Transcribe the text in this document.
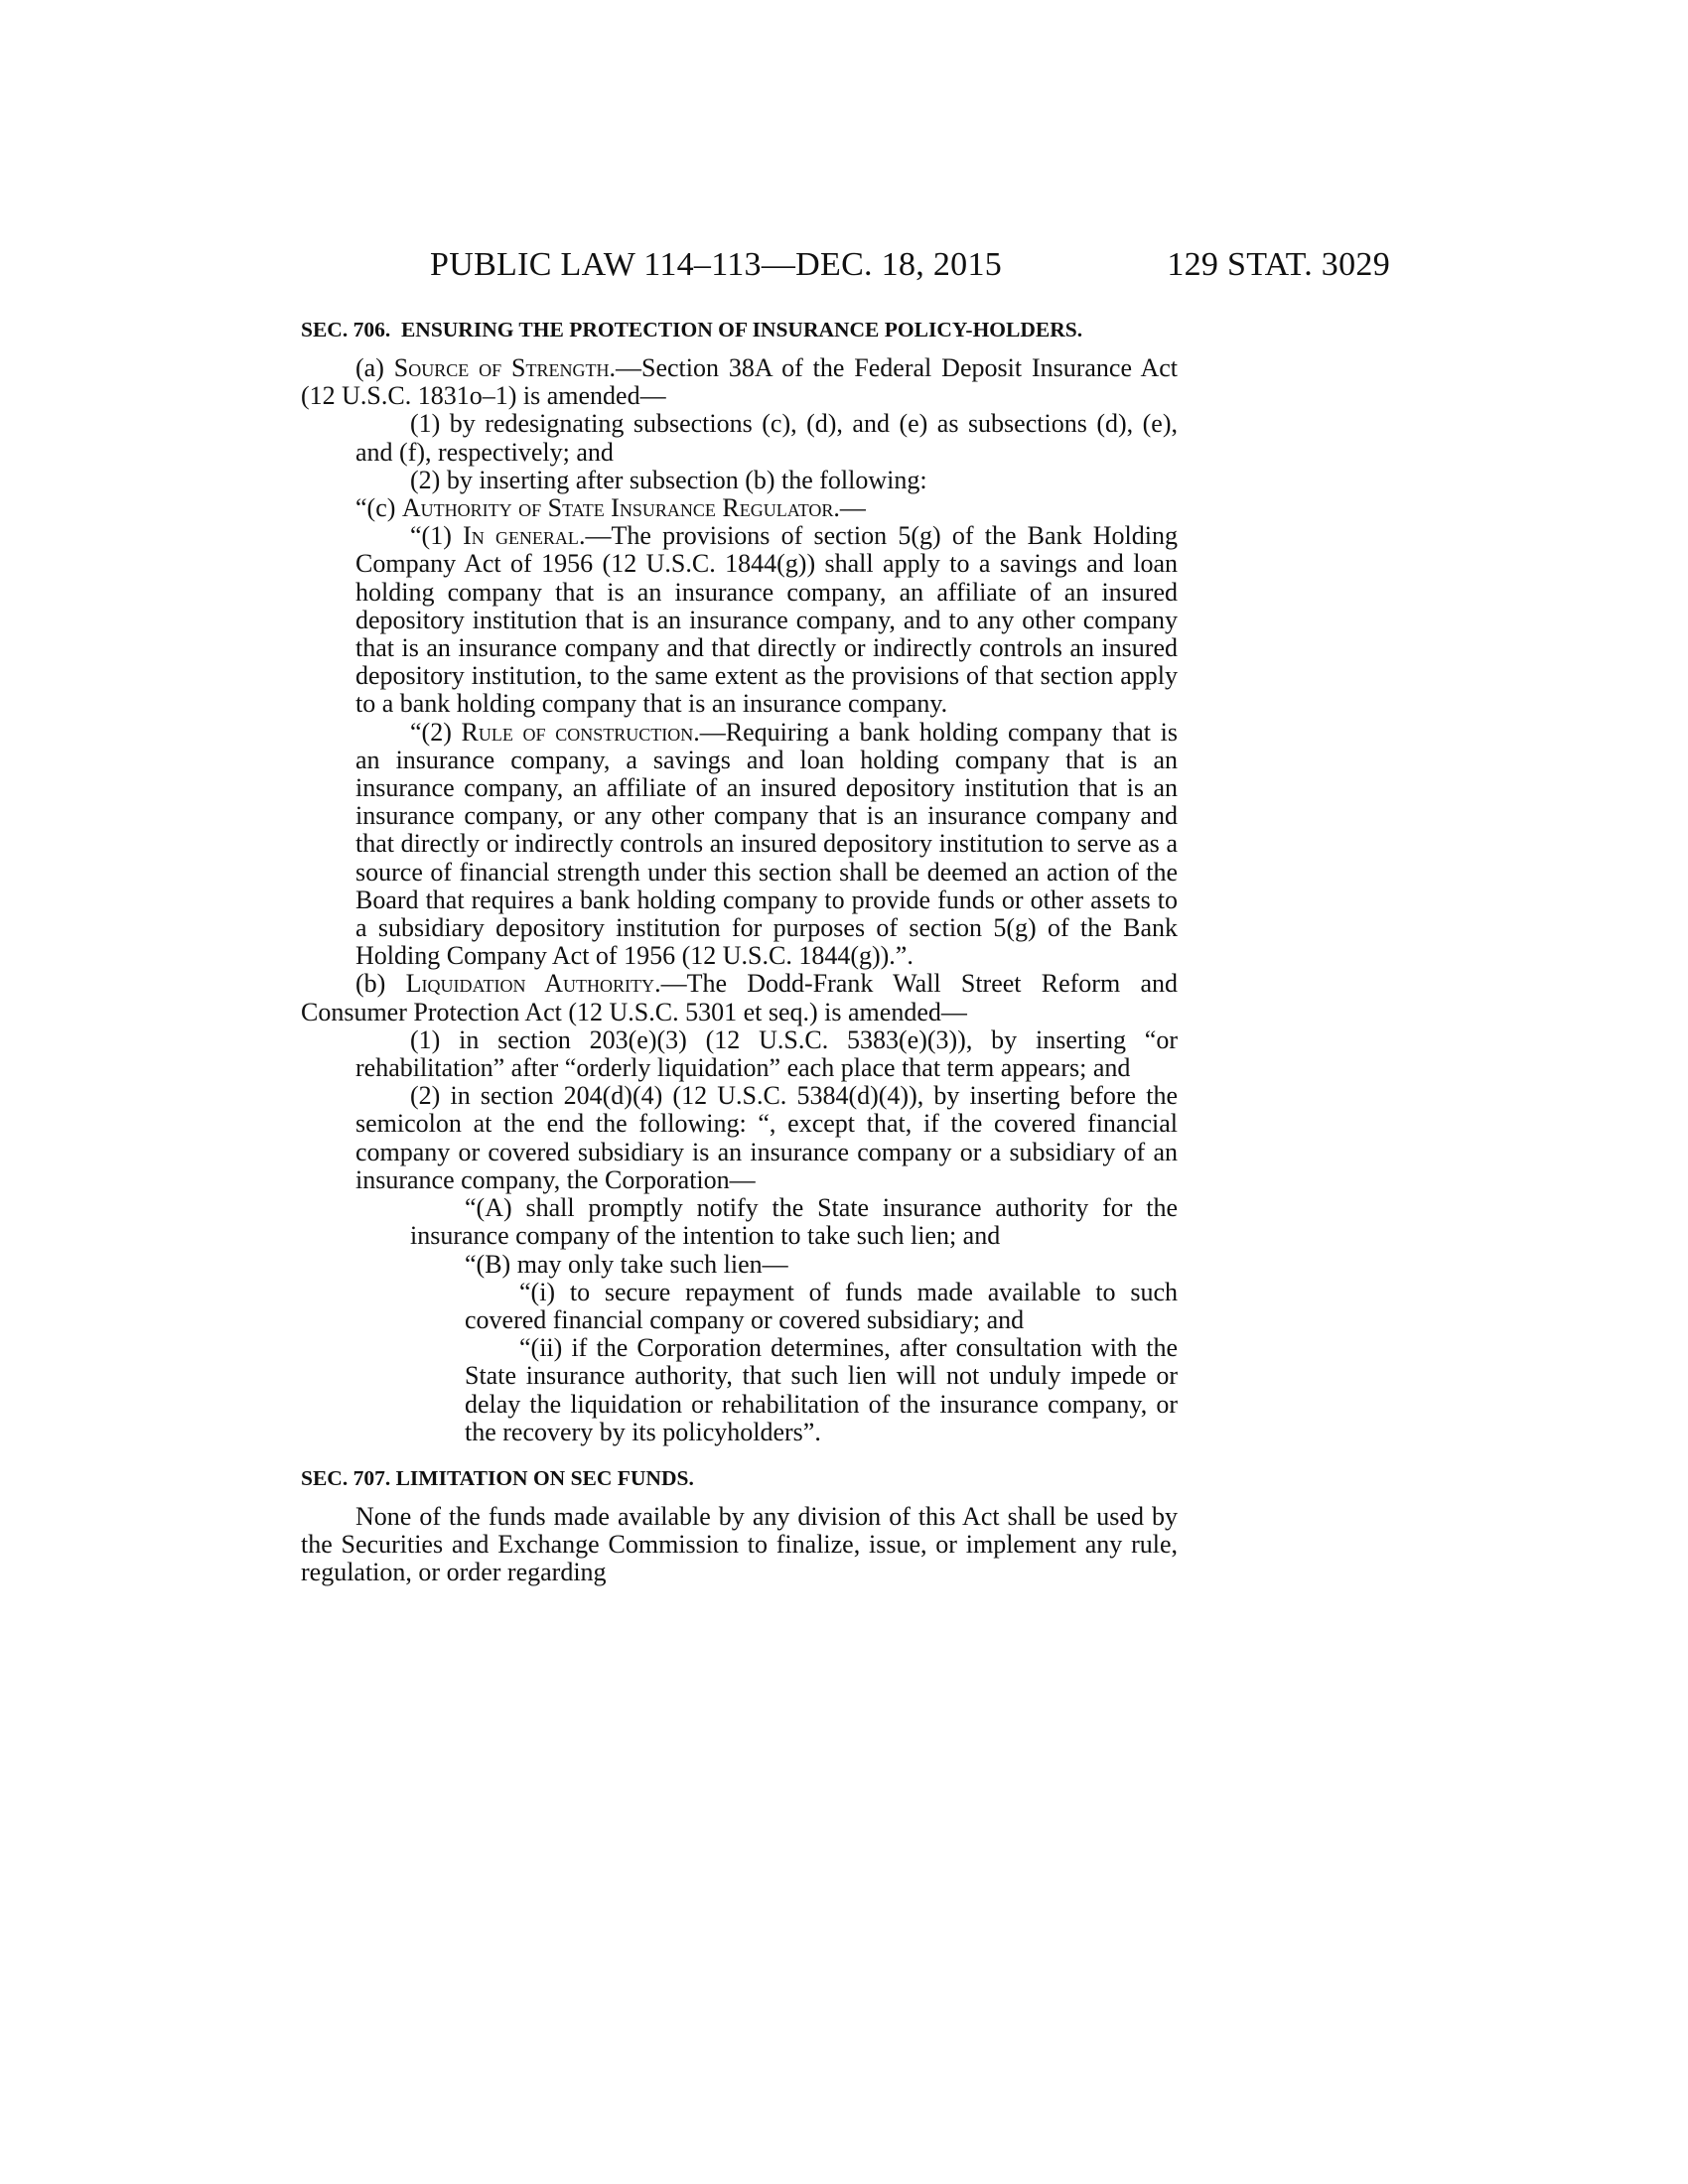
PUBLIC LAW 114–113—DEC. 18, 2015	129 STAT. 3029
SEC. 706. ENSURING THE PROTECTION OF INSURANCE POLICY-HOLDERS.

(a) Source of Strength.—Section 38A of the Federal Deposit Insurance Act (12 U.S.C. 1831o–1) is amended—

(1) by redesignating subsections (c), (d), and (e) as subsections (d), (e), and (f), respectively; and

(2) by inserting after subsection (b) the following:

“(c) Authority of State Insurance Regulator.—

“(1) In general.—The provisions of section 5(g) of the Bank Holding Company Act of 1956 (12 U.S.C. 1844(g)) shall apply to a savings and loan holding company that is an insurance company, an affiliate of an insured depository institution that is an insurance company, and to any other company that is an insurance company and that directly or indirectly controls an insured depository institution, to the same extent as the provisions of that section apply to a bank holding company that is an insurance company.

“(2) Rule of construction.—Requiring a bank holding company that is an insurance company, a savings and loan holding company that is an insurance company, an affiliate of an insured depository institution that is an insurance company, or any other company that is an insurance company and that directly or indirectly controls an insured depository institution to serve as a source of financial strength under this section shall be deemed an action of the Board that requires a bank holding company to provide funds or other assets to a subsidiary depository institution for purposes of section 5(g) of the Bank Holding Company Act of 1956 (12 U.S.C. 1844(g)).”.

(b) Liquidation Authority.—The Dodd-Frank Wall Street Reform and Consumer Protection Act (12 U.S.C. 5301 et seq.) is amended—

(1) in section 203(e)(3) (12 U.S.C. 5383(e)(3)), by inserting “or rehabilitation” after “orderly liquidation” each place that term appears; and

(2) in section 204(d)(4) (12 U.S.C. 5384(d)(4)), by inserting before the semicolon at the end the following: “, except that, if the covered financial company or covered subsidiary is an insurance company or a subsidiary of an insurance company, the Corporation—

“(A) shall promptly notify the State insurance authority for the insurance company of the intention to take such lien; and

“(B) may only take such lien—

“(i) to secure repayment of funds made available to such covered financial company or covered subsidiary; and

“(ii) if the Corporation determines, after consultation with the State insurance authority, that such lien will not unduly impede or delay the liquidation or rehabilitation of the insurance company, or the recovery by its policyholders”.

SEC. 707. LIMITATION ON SEC FUNDS.

None of the funds made available by any division of this Act shall be used by the Securities and Exchange Commission to finalize, issue, or implement any rule, regulation, or order regarding
